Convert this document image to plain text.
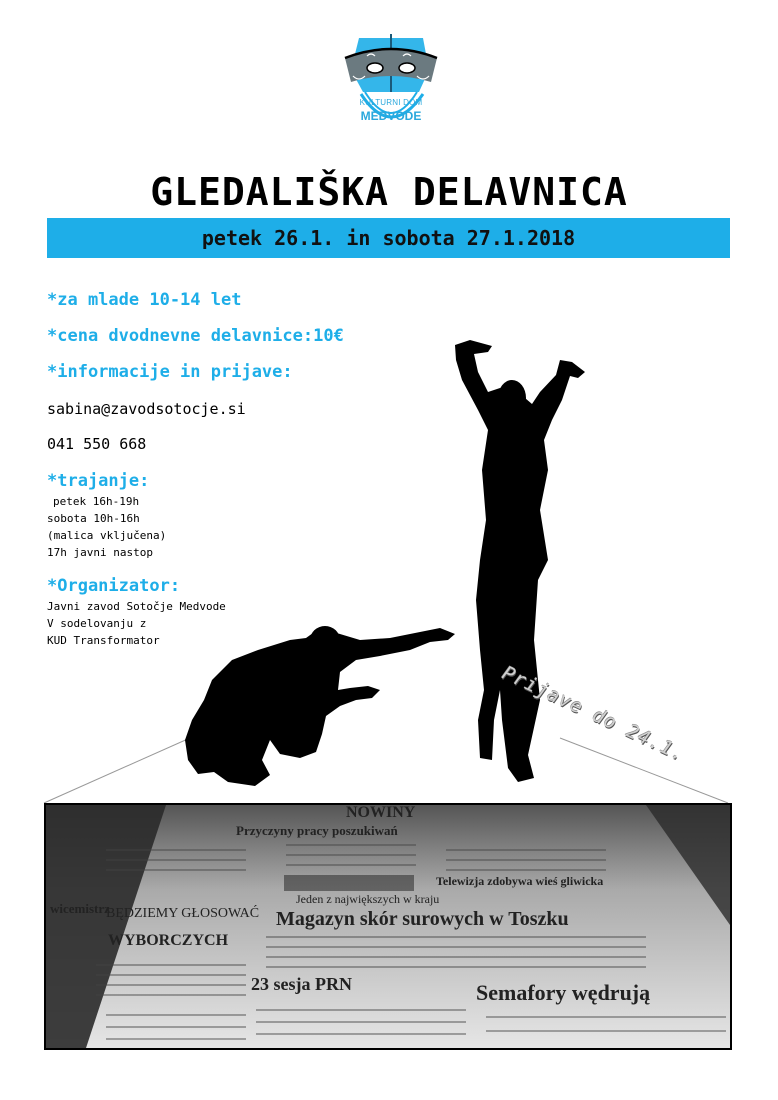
KULTURNI DOM
MEDVODE
GLEDALIŠKA DELAVNICA
petek 26.1. in sobota 27.1.2018
*za mlade 10-14 let
*cena dvodnevne delavnice:10€
*informacije in prijave:
sabina@zavodsotocje.si
041 550 668
*trajanje:
petek 16h-19h
sobota 10h-16h
(malica vključena)
17h javni nastop
*Organizator:
Javni zavod Sotočje Medvode
V sodelovanju z
KUD Transformator
Prijave do 24.1.
Magazyn skór surowych w Toszku
23 sesja PRN	Semafory wędrują
BĘDZIEMY GŁOSOWAĆ
WYBORCZYCH
Jeden z największych w kraju
Przyczyny pracy poszukiwań
Telewizja zdobywa wieś gliwicka
wicemistrz
NOWINY
